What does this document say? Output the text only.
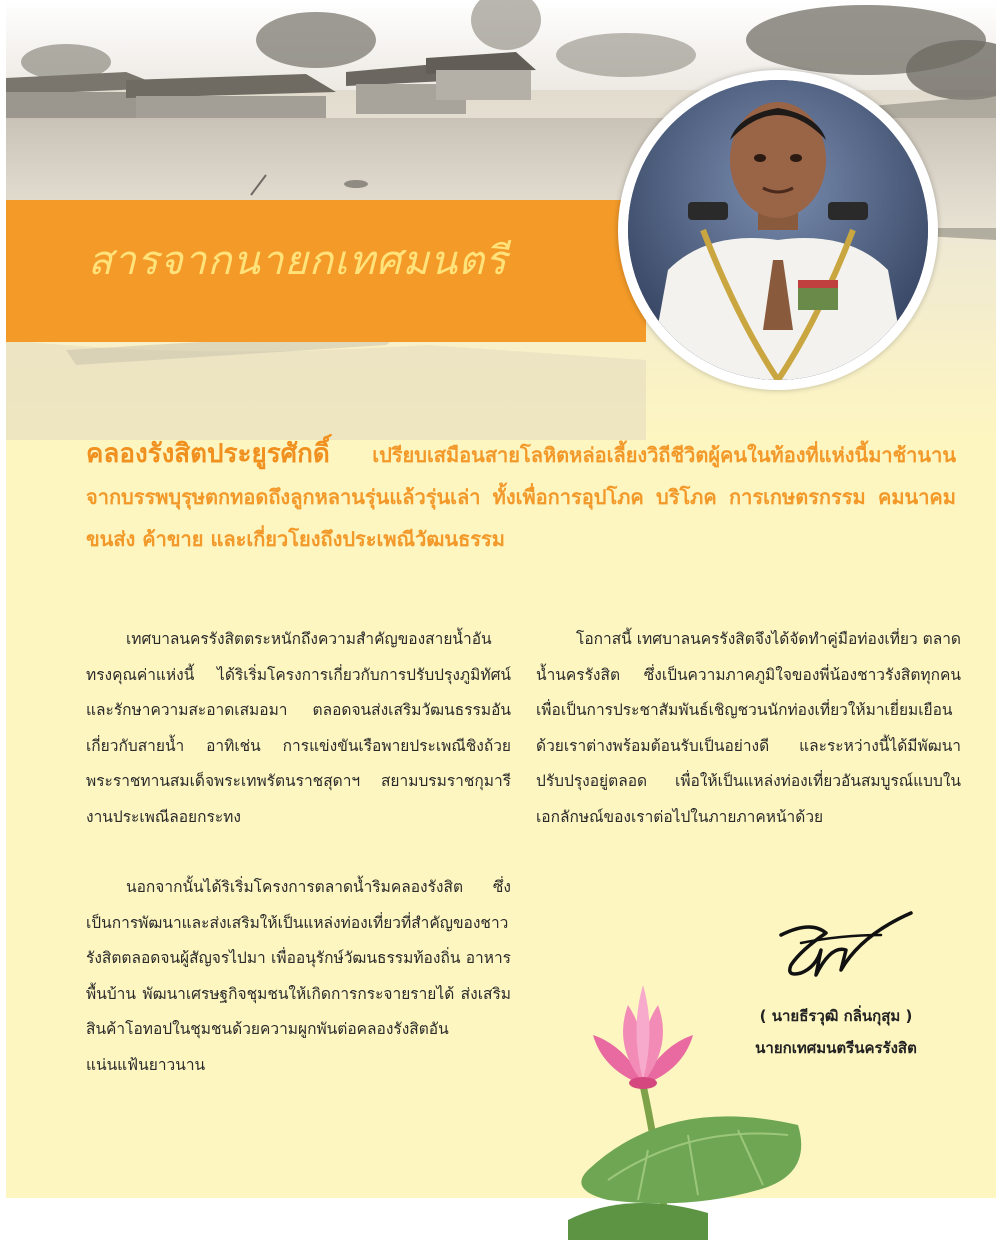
สารจากนายกเทศมนตรี
คลองรังสิตประยูรศักดิ์ เปรียบเสมือนสายโลหิตหล่อเลี้ยงวิถีชีวิตผู้คนในท้องที่แห่งนี้มาช้านาน จากบรรพบุรุษตกทอดถึงลูกหลานรุ่นแล้วรุ่นเล่า ทั้งเพื่อการอุปโภค บริโภค การเกษตรกรรม คมนาคมขนส่ง ค้าขาย และเกี่ยวโยงถึงประเพณีวัฒนธรรม

เทศบาลนครรังสิตตระหนักถึงความสำคัญของสายน้ำอันทรงคุณค่าแห่งนี้ ได้ริเริ่มโครงการเกี่ยวกับการปรับปรุงภูมิทัศน์และรักษาความสะอาดเสมอมา ตลอดจนส่งเสริมวัฒนธรรมอันเกี่ยวกับสายน้ำ อาทิเช่น การแข่งขันเรือพายประเพณีชิงถ้วยพระราชทานสมเด็จพระเทพรัตนราชสุดาฯ สยามบรมราชกุมารี งานประเพณีลอยกระทง

นอกจากนั้นได้ริเริ่มโครงการตลาดน้ำริมคลองรังสิต ซึ่งเป็นการพัฒนาและส่งเสริมให้เป็นแหล่งท่องเที่ยวที่สำคัญของชาวรังสิตตลอดจนผู้สัญจรไปมา เพื่ออนุรักษ์วัฒนธรรมท้องถิ่น อาหารพื้นบ้าน พัฒนาเศรษฐกิจชุมชนให้เกิดการกระจายรายได้ ส่งเสริมสินค้าโอทอปในชุมชนด้วยความผูกพันต่อคลองรังสิตอันแน่นแฟ้นยาวนาน

โอกาสนี้ เทศบาลนครรังสิตจึงได้จัดทำคู่มือท่องเที่ยว ตลาดน้ำนครรังสิต ซึ่งเป็นความภาคภูมิใจของพี่น้องชาวรังสิตทุกคน เพื่อเป็นการประชาสัมพันธ์เชิญชวนนักท่องเที่ยวให้มาเยี่ยมเยือน ด้วยเราต่างพร้อมต้อนรับเป็นอย่างดี และระหว่างนี้ได้มีพัฒนาปรับปรุงอยู่ตลอด เพื่อให้เป็นแหล่งท่องเที่ยวอันสมบูรณ์แบบในเอกลักษณ์ของเราต่อไปในภายภาคหน้าด้วย

( นายธีรวุฒิ กลิ่นกุสุม )
นายกเทศมนตรีนครรังสิต
